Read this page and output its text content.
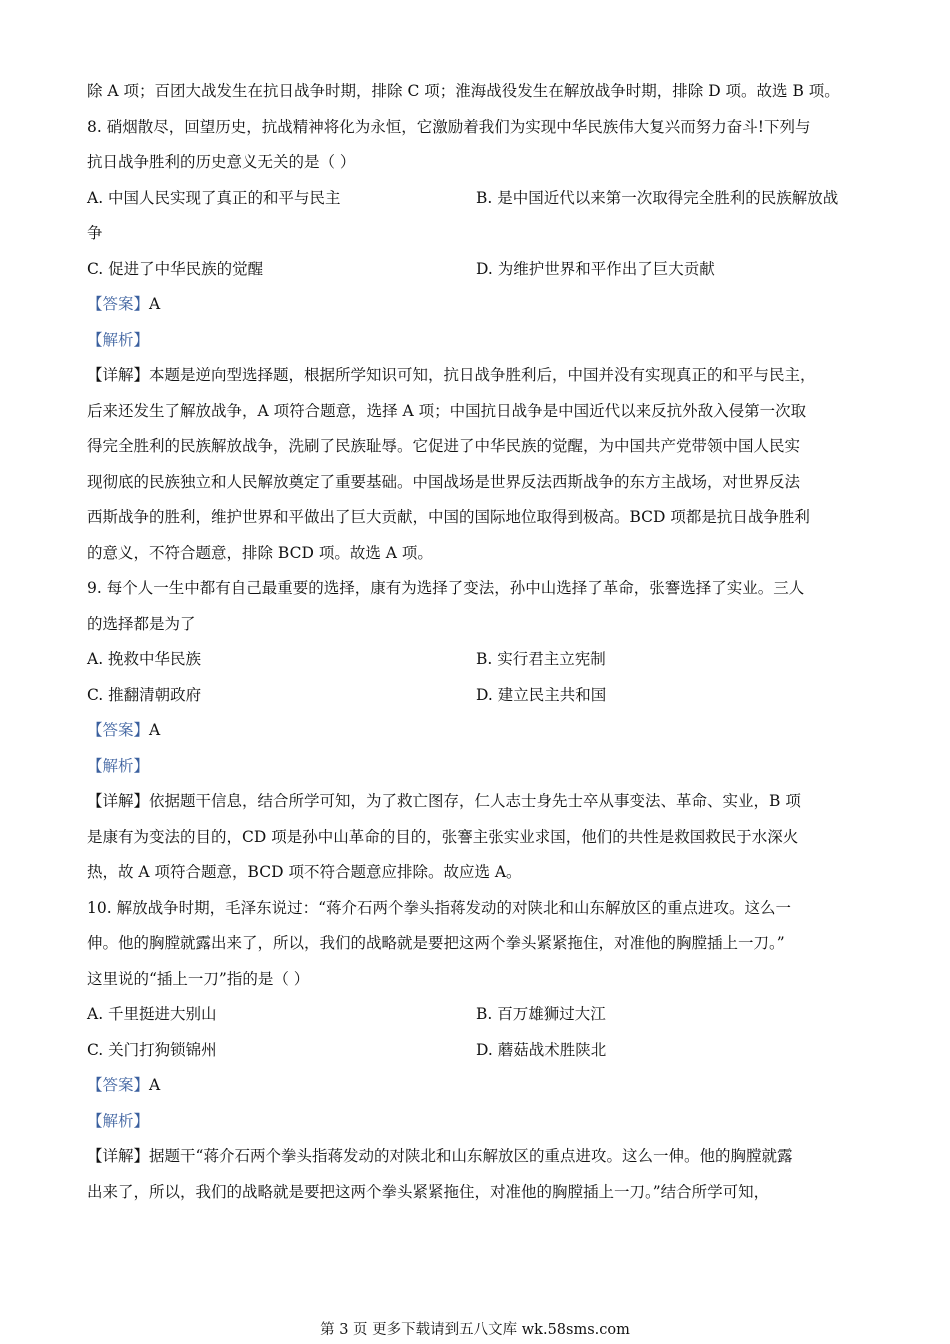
除 A 项；百团大战发生在抗日战争时期，排除 C 项；淮海战役发生在解放战争时期，排除 D 项。故选 B 项。
8. 硝烟散尽，回望历史，抗战精神将化为永恒，它激励着我们为实现中华民族伟大复兴而努力奋斗!下列与
抗日战争胜利的历史意义无关的是（ ）
A. 中国人民实现了真正的和平与民主	B. 是中国近代以来第一次取得完全胜利的民族解放战
争
C. 促进了中华民族的觉醒	D. 为维护世界和平作出了巨大贡献
【答案】A
【解析】
【详解】本题是逆向型选择题，根据所学知识可知，抗日战争胜利后，中国并没有实现真正的和平与民主，
后来还发生了解放战争，A 项符合题意，选择 A 项；中国抗日战争是中国近代以来反抗外敌入侵第一次取
得完全胜利的民族解放战争，洗刷了民族耻辱。它促进了中华民族的觉醒，为中国共产党带领中国人民实
现彻底的民族独立和人民解放奠定了重要基础。中国战场是世界反法西斯战争的东方主战场，对世界反法
西斯战争的胜利，维护世界和平做出了巨大贡献，中国的国际地位取得到极高。BCD 项都是抗日战争胜利
的意义，不符合题意，排除 BCD 项。故选 A 项。
9. 每个人一生中都有自己最重要的选择，康有为选择了变法，孙中山选择了革命，张謇选择了实业。三人
的选择都是为了
A. 挽救中华民族	B. 实行君主立宪制
C. 推翻清朝政府	D. 建立民主共和国
【答案】A
【解析】
【详解】依据题干信息，结合所学可知，为了救亡图存，仁人志士身先士卒从事变法、革命、实业，B 项
是康有为变法的目的，CD 项是孙中山革命的目的，张謇主张实业求国，他们的共性是救国救民于水深火
热，故 A 项符合题意，BCD 项不符合题意应排除。故应选 A。
10. 解放战争时期，毛泽东说过：“蒋介石两个拳头指蒋发动的对陕北和山东解放区的重点进攻。这么一
伸。他的胸膛就露出来了，所以，我们的战略就是要把这两个拳头紧紧拖住，对准他的胸膛插上一刀。”
这里说的“插上一刀”指的是（ ）
A. 千里挺进大别山	B. 百万雄狮过大江
C. 关门打狗锁锦州	D. 蘑菇战术胜陕北
【答案】A
【解析】
【详解】据题干“蒋介石两个拳头指蒋发动的对陕北和山东解放区的重点进攻。这么一伸。他的胸膛就露
出来了，所以，我们的战略就是要把这两个拳头紧紧拖住，对准他的胸膛插上一刀。”结合所学可知，
第 3 页 更多下载请到五八文库 wk.58sms.com
